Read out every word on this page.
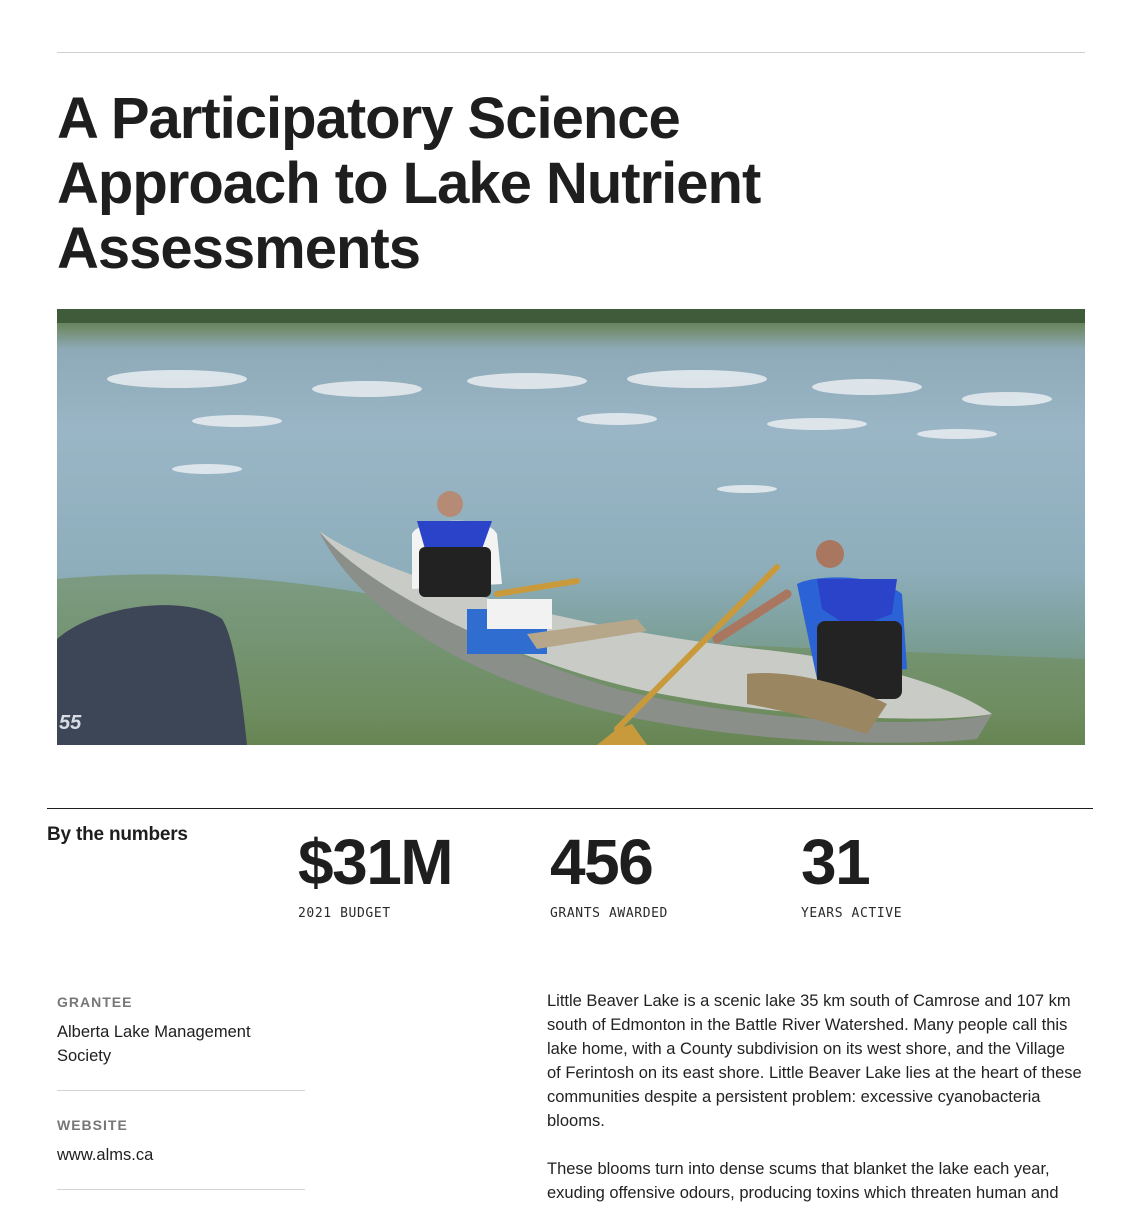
A Participatory Science Approach to Lake Nutrient Assessments
55
By the numbers $31M
2021 BUDGET
456
GRANTS AWARDED
31
YEARS ACTIVE
GRANTEE
Alberta Lake Management Society
WEBSITE
www.alms.ca

Little Beaver Lake is a scenic lake 35 km south of Camrose and 107 km south of Edmonton in the Battle River Watershed. Many people call this lake home, with a County subdivision on its west shore, and the Village of Ferintosh on its east shore. Little Beaver Lake lies at the heart of these communities despite a persistent problem: excessive cyanobacteria blooms.

These blooms turn into dense scums that blanket the lake each year, exuding offensive odours, producing toxins which threaten human and
